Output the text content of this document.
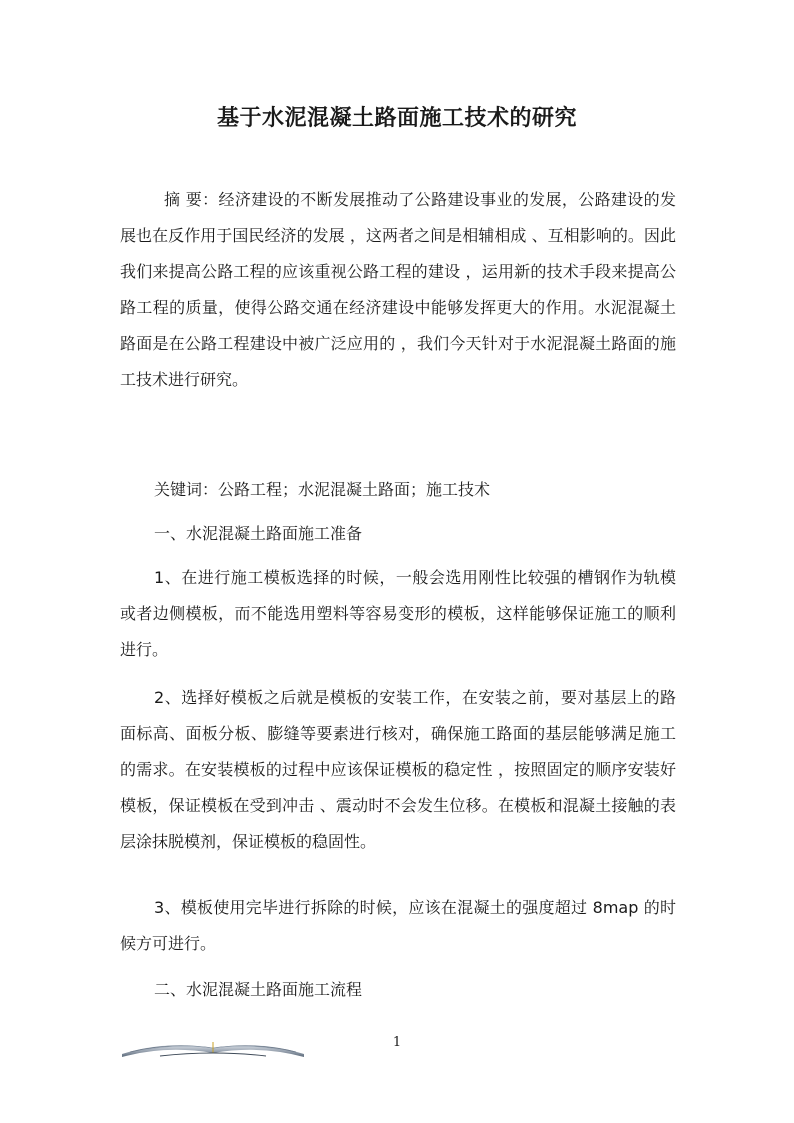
基于水泥混凝土路面施工技术的研究
摘 要：经济建设的不断发展推动了公路建设事业的发展，公路建设的发展也在反作用于国民经济的发展 ，这两者之间是相辅相成 、互相影响的。因此我们来提高公路工程的应该重视公路工程的建设 ，运用新的技术手段来提高公路工程的质量，使得公路交通在经济建设中能够发挥更大的作用。水泥混凝土路面是在公路工程建设中被广泛应用的 ，我们今天针对于水泥混凝土路面的施工技术进行研究。
关键词：公路工程；水泥混凝土路面；施工技术
一、水泥混凝土路面施工准备
1、在进行施工模板选择的时候，一般会选用刚性比较强的槽钢作为轨模或者边侧模板，而不能选用塑料等容易变形的模板，这样能够保证施工的顺利进行。
2、选择好模板之后就是模板的安装工作，在安装之前，要对基层上的路面标高、面板分板、膨缝等要素进行核对，确保施工路面的基层能够满足施工的需求。在安装模板的过程中应该保证模板的稳定性 ，按照固定的顺序安装好模板，保证模板在受到冲击 、震动时不会发生位移。在模板和混凝土接触的表层涂抹脱模剂，保证模板的稳固性。
3、模板使用完毕进行拆除的时候，应该在混凝土的强度超过 8map 的时候方可进行。
二、水泥混凝土路面施工流程
1
